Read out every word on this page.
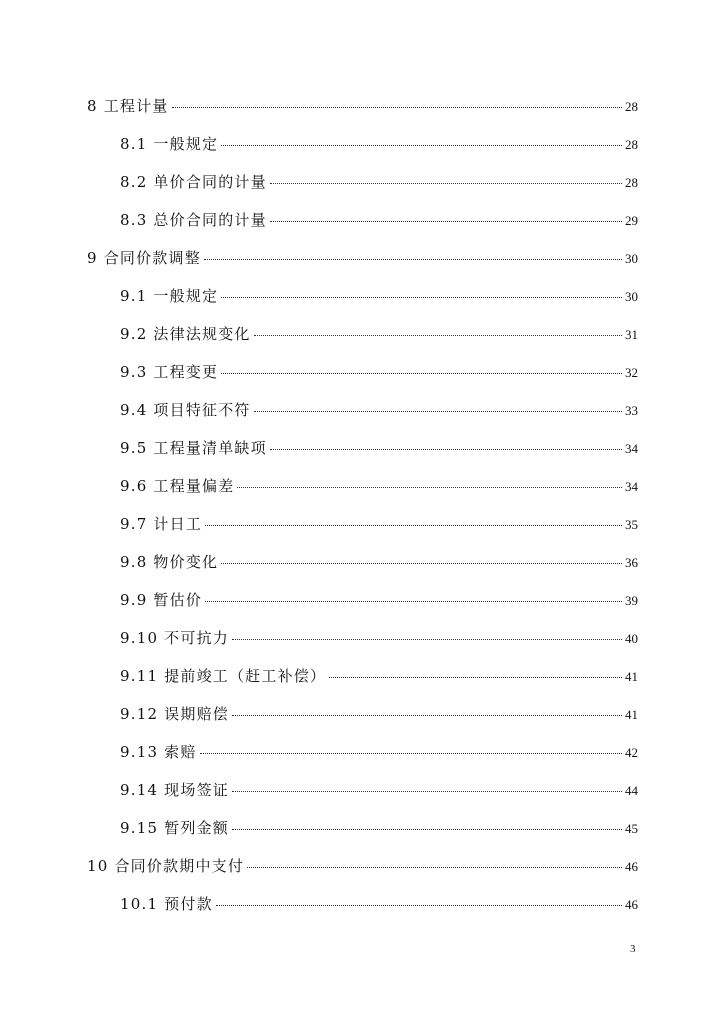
8 工程计量	28
8.1 一般规定	28
8.2 单价合同的计量	28
8.3 总价合同的计量	29
9 合同价款调整	30
9.1 一般规定	30
9.2 法律法规变化	31
9.3 工程变更	32
9.4 项目特征不符	33
9.5 工程量清单缺项	34
9.6 工程量偏差	34
9.7 计日工	35
9.8 物价变化	36
9.9 暂估价	39
9.10 不可抗力	40
9.11 提前竣工（赶工补偿）	41
9.12 误期赔偿	41
9.13 索赔	42
9.14 现场签证	44
9.15 暂列金额	45
10 合同价款期中支付	46
10.1 预付款	46
3
